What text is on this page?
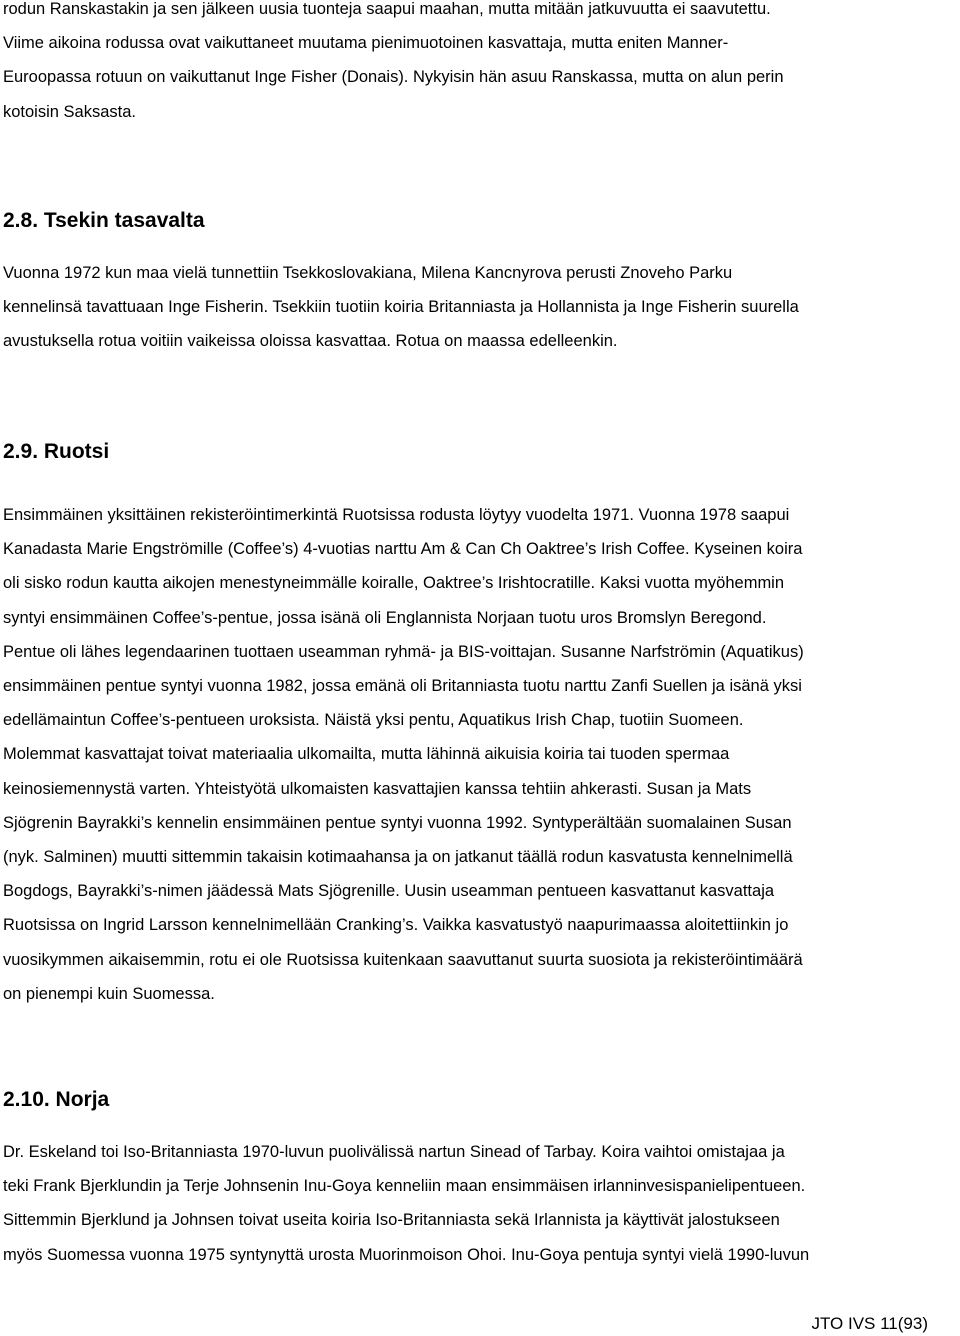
rodun Ranskastakin ja sen jälkeen uusia tuonteja saapui maahan, mutta mitään jatkuvuutta ei saavutettu.
Viime aikoina rodussa ovat vaikuttaneet muutama pienimuotoinen kasvattaja, mutta eniten Manner-
Euroopassa rotuun on vaikuttanut Inge Fisher (Donais). Nykyisin hän asuu Ranskassa, mutta on alun perin
kotoisin Saksasta.

2.8. Tsekin tasavalta

Vuonna 1972 kun maa vielä tunnettiin Tsekkoslovakiana, Milena Kancnyrova perusti Znoveho Parku
kennelinsä tavattuaan Inge Fisherin. Tsekkiin tuotiin koiria Britanniasta ja Hollannista ja Inge Fisherin suurella
avustuksella rotua voitiin vaikeissa oloissa kasvattaa. Rotua on maassa edelleenkin.

2.9. Ruotsi

Ensimmäinen yksittäinen rekisteröintimerkintä Ruotsissa rodusta löytyy vuodelta 1971. Vuonna 1978 saapui
Kanadasta Marie Engströmille (Coffee’s) 4-vuotias narttu Am & Can Ch Oaktree’s Irish Coffee. Kyseinen koira
oli sisko rodun kautta aikojen menestyneimmälle koiralle, Oaktree’s Irishtocratille. Kaksi vuotta myöhemmin
syntyi ensimmäinen Coffee’s-pentue, jossa isänä oli Englannista Norjaan tuotu uros Bromslyn Beregond.
Pentue oli lähes legendaarinen tuottaen useamman ryhmä- ja BIS-voittajan. Susanne Narfströmin (Aquatikus)
ensimmäinen pentue syntyi vuonna 1982, jossa emänä oli Britanniasta tuotu narttu Zanfi Suellen ja isänä yksi
edellämaintun Coffee’s-pentueen uroksista. Näistä yksi pentu, Aquatikus Irish Chap, tuotiin Suomeen.
Molemmat kasvattajat toivat materiaalia ulkomailta, mutta lähinnä aikuisia koiria tai tuoden spermaa
keinosiemennystä varten. Yhteistyötä ulkomaisten kasvattajien kanssa tehtiin ahkerasti. Susan ja Mats
Sjögrenin Bayrakki’s kennelin ensimmäinen pentue syntyi vuonna 1992. Syntyperältään suomalainen Susan
(nyk. Salminen) muutti sittemmin takaisin kotimaahansa ja on jatkanut täällä rodun kasvatusta kennelnimellä
Bogdogs, Bayrakki’s-nimen jäädessä Mats Sjögrenille. Uusin useamman pentueen kasvattanut kasvattaja
Ruotsissa on Ingrid Larsson kennelnimellään Cranking’s. Vaikka kasvatustyö naapurimaassa aloitettiinkin jo
vuosikymmen aikaisemmin, rotu ei ole Ruotsissa kuitenkaan saavuttanut suurta suosiota ja rekisteröintimäärä
on pienempi kuin Suomessa.

2.10. Norja

Dr. Eskeland toi Iso-Britanniasta 1970-luvun puolivälissä nartun Sinead of Tarbay. Koira vaihtoi omistajaa ja
teki Frank Bjerklundin ja Terje Johnsenin Inu-Goya kenneliin maan ensimmäisen irlanninvesispanielipentueen.
Sittemmin Bjerklund ja Johnsen toivat useita koiria Iso-Britanniasta sekä Irlannista ja käyttivät jalostukseen
myös Suomessa vuonna 1975 syntynyttä urosta Muorinmoison Ohoi. Inu-Goya pentuja syntyi vielä 1990-luvun

JTO IVS 11(93)
